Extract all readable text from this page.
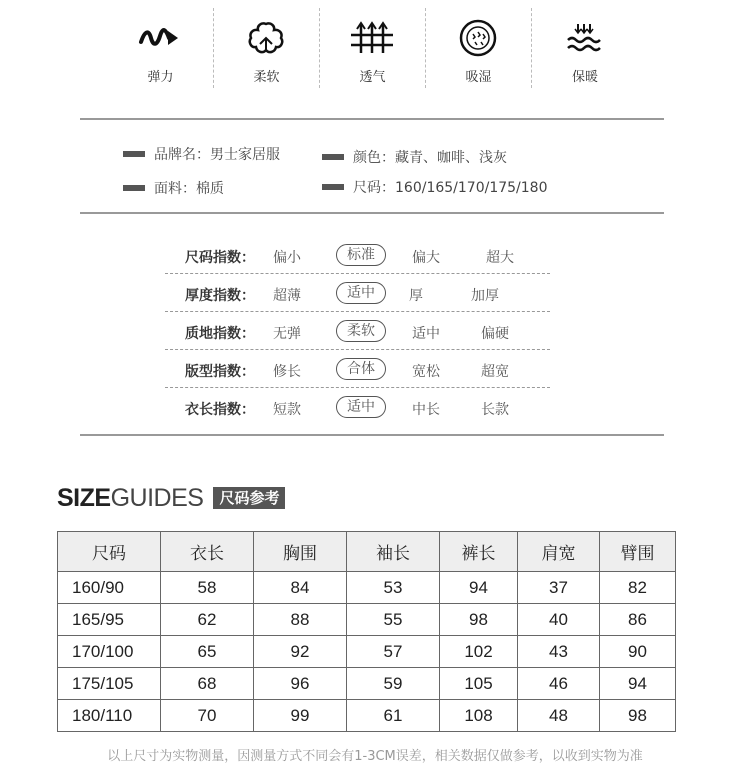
弹力	柔软	透气	吸湿	保暖
品牌名：男士家居服	颜色：藏青、咖啡、浅灰
面料：棉质	尺码：160/165/170/175/180
尺码指数：	偏小	标准	偏大	超大
厚度指数：	超薄	适中	厚	加厚
质地指数：	无弹	柔软	适中	偏硬
版型指数：	修长	合体	宽松	超宽
衣长指数：	短款	适中	中长	长款
SIZE GUIDES	尺码参考
尺码	衣长	胸围	袖长	裤长	肩宽	臂围
160/90	58	84	53	94	37	82
165/95	62	88	55	98	40	86
170/100	65	92	57	102	43	90
175/105	68	96	59	105	46	94
180/110	70	99	61	108	48	98
以上尺寸为实物测量，因测量方式不同会有1-3CM误差，相关数据仅做参考，以收到实物为准
